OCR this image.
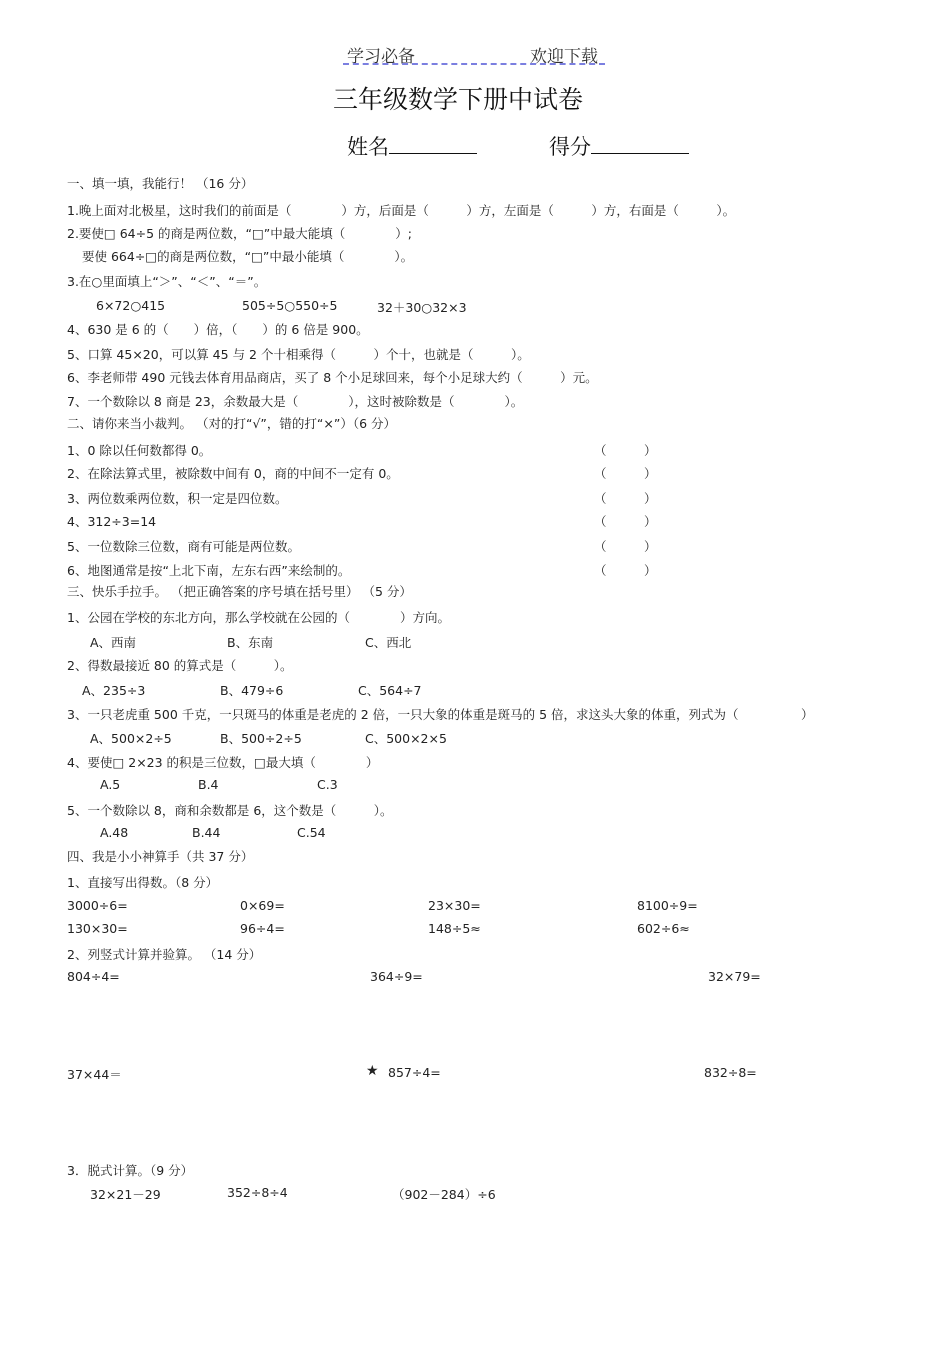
学习必备	欢迎下载
三年级数学下册中试卷
姓名	得分
一、填一填，我能行！ （16 分）
1.晚上面对北极星，这时我们的前面是（　　　　）方，后面是（　　　）方，左面是（　　　）方，右面是（　　　）。
2.要使□ 64÷5 的商是两位数，“□”中最大能填（　　　　）;
要使 664÷□的商是两位数，“□”中最小能填（　　　　）。
3.在○里面填上“＞”、“＜”、“＝”。
6×72○415	505÷5○550÷5	32＋30○32×3
4、630 是 6 的（　　）倍，（　　）的 6 倍是 900。
5、口算 45×20，可以算 45 与 2 个十相乘得（　　　）个十，也就是（　　　）。
6、李老师带 490 元钱去体育用品商店，买了 8 个小足球回来，每个小足球大约（　　　）元。
7、一个数除以 8 商是 23，余数最大是（　　　　），这时被除数是（　　　　）。
二、请你来当小裁判。 （对的打“√”，错的打“×”）（6 分）
1、0 除以任何数都得 0。	（　　　）
2、在除法算式里，被除数中间有 0，商的中间不一定有 0。	（　　　）
3、两位数乘两位数，积一定是四位数。	（　　　）
4、312÷3=14	（　　　）
5、一位数除三位数，商有可能是两位数。	（　　　）
6、地图通常是按“上北下南，左东右西”来绘制的。	（　　　）
三、快乐手拉手。 （把正确答案的序号填在括号里） （5 分）
1、公园在学校的东北方向，那么学校就在公园的（　　　　）方向。
A、西南	B、东南	C、西北
2、得数最接近 80 的算式是（　　　）。
A、235÷3	B、479÷6	C、564÷7
3、一只老虎重 500 千克，一只斑马的体重是老虎的 2 倍，一只大象的体重是斑马的 5 倍，求这头大象的体重，列式为（　　　　　）
A、500×2÷5	B、500÷2÷5	C、500×2×5
4、要使□ 2×23 的积是三位数，□最大填（　　　　）
A.5	B.4	C.3
5、一个数除以 8，商和余数都是 6，这个数是（　　　）。
A.48	B.44	C.54
四、我是小小神算手（共 37 分）
1、直接写出得数。（8 分）
3000÷6=	0×69=	23×30=	8100÷9=
130×30=	96÷4=	148÷5≈	602÷6≈
2、列竖式计算并验算。 （14 分）
804÷4=	364÷9=	32×79=
37×44＝	★ 857÷4=	832÷8=
3．脱式计算。（9 分）
32×21－29	352÷8÷4	（902－284）÷6
